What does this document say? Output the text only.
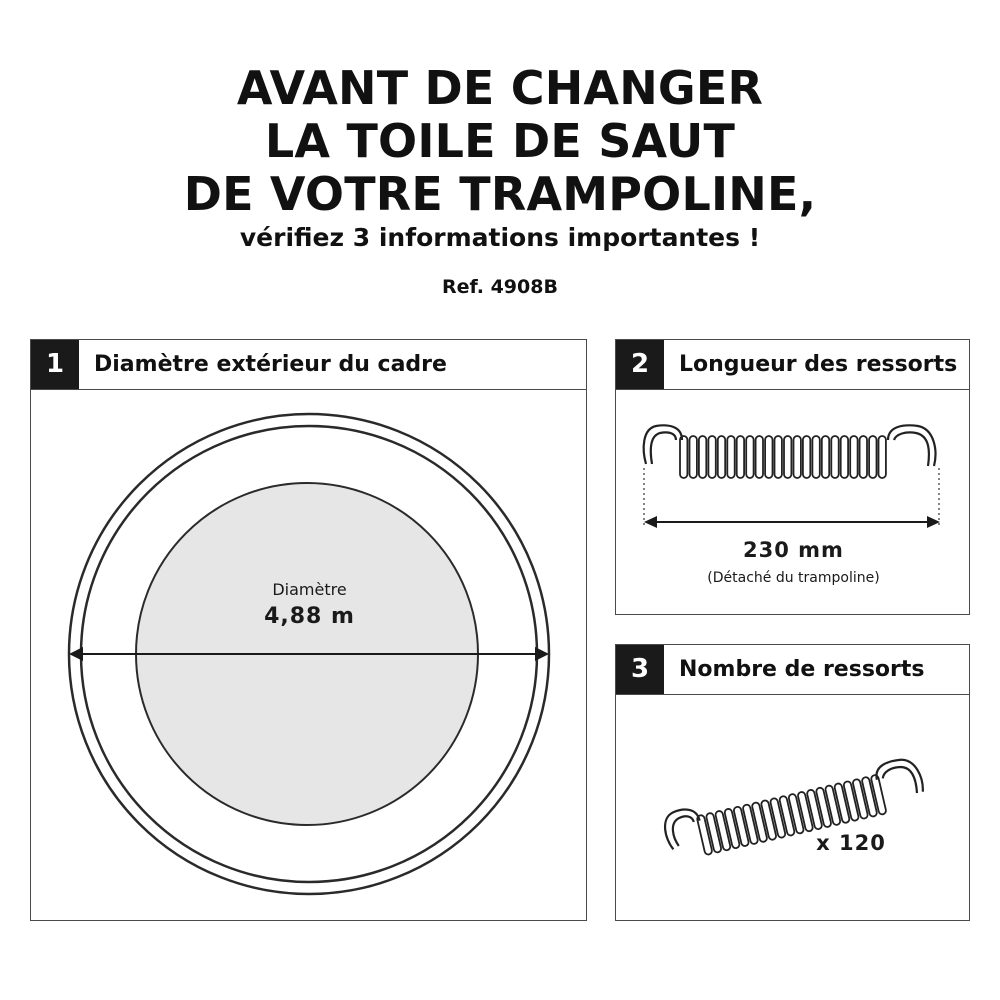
AVANT DE CHANGER
LA TOILE DE SAUT
DE VOTRE TRAMPOLINE,
vérifiez 3 informations importantes !
Ref. 4908B
1	Diamètre extérieur du cadre
Diamètre
4,88 m
2	Longueur des ressorts
230 mm
(Détaché du trampoline)
3	Nombre de ressorts
x 120
